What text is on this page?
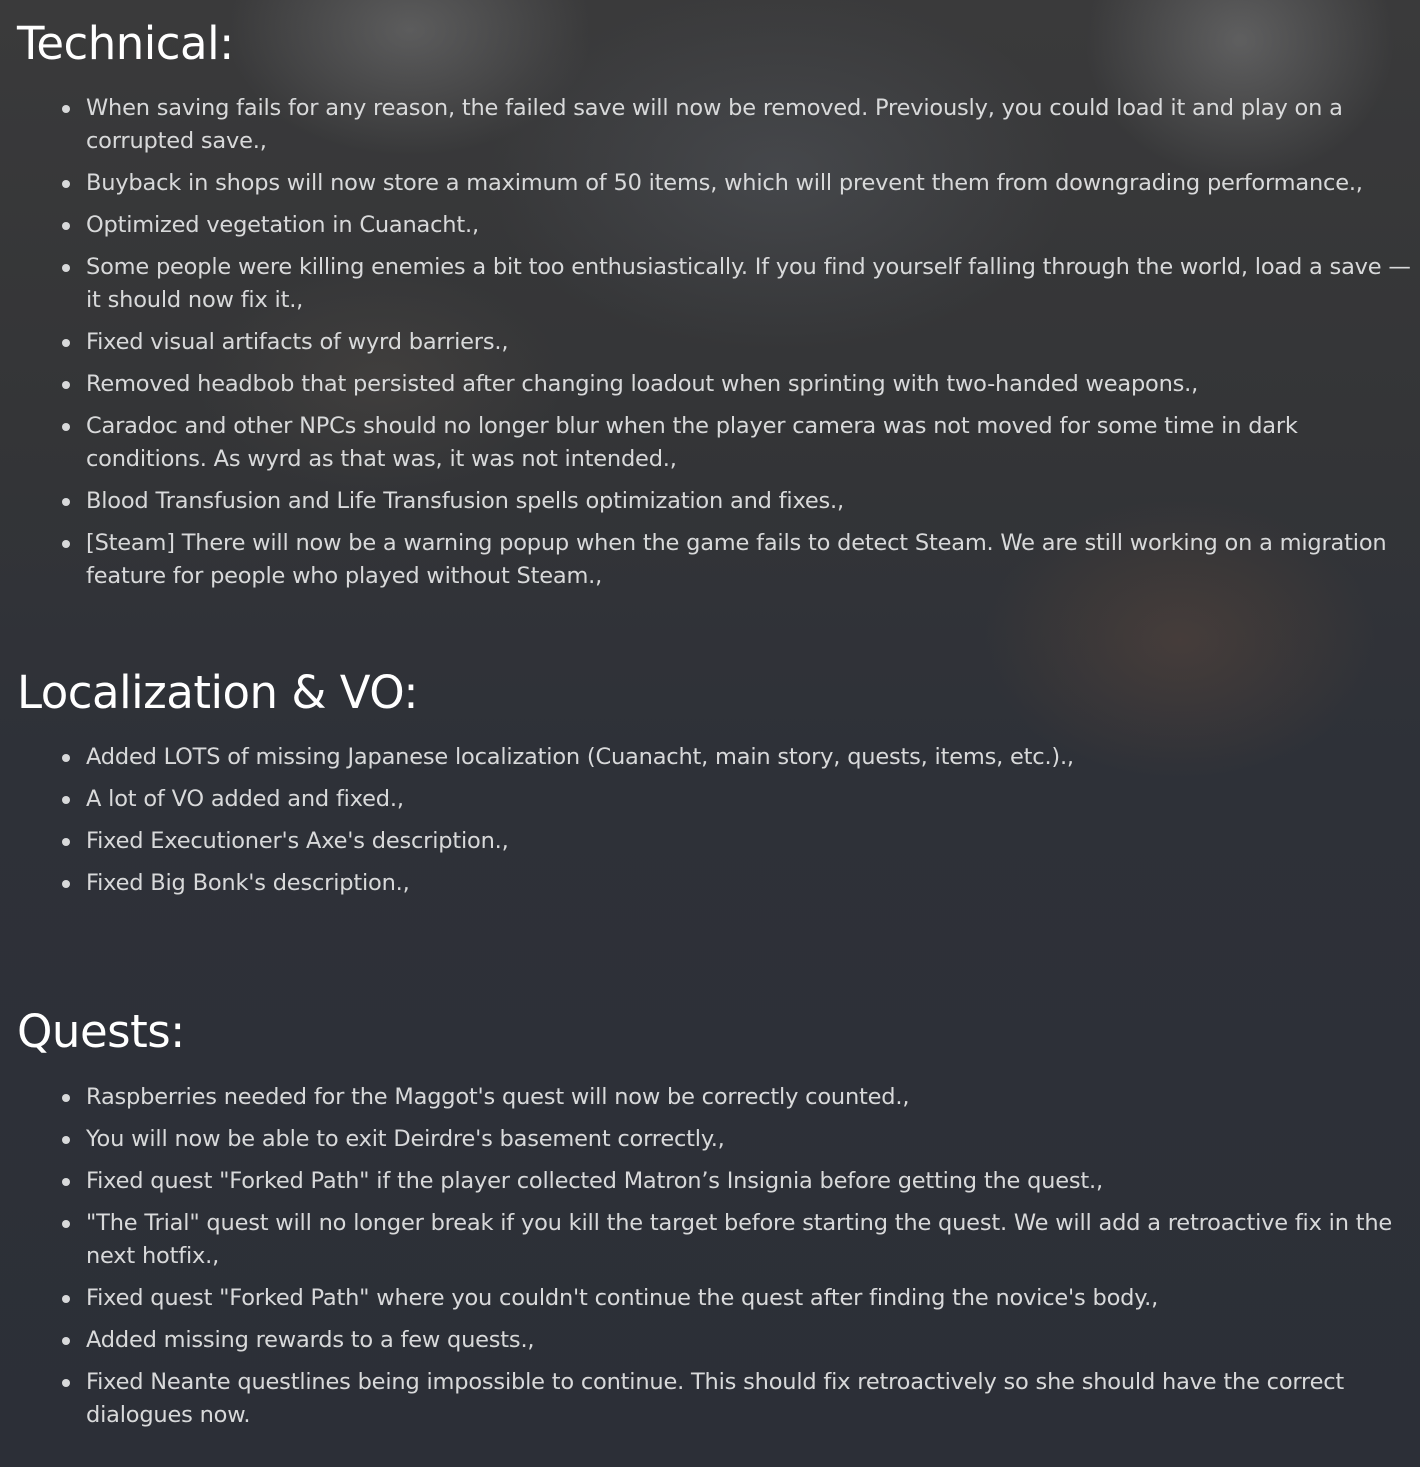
Technical:
When saving fails for any reason, the failed save will now be removed. Previously, you could load it and play on a corrupted save.,
Buyback in shops will now store a maximum of 50 items, which will prevent them from downgrading performance.,
Optimized vegetation in Cuanacht.,
Some people were killing enemies a bit too enthusiastically. If you find yourself falling through the world, load a save — it should now fix it.,
Fixed visual artifacts of wyrd barriers.,
Removed headbob that persisted after changing loadout when sprinting with two-handed weapons.,
Caradoc and other NPCs should no longer blur when the player camera was not moved for some time in dark conditions. As wyrd as that was, it was not intended.,
Blood Transfusion and Life Transfusion spells optimization and fixes.,
[Steam] There will now be a warning popup when the game fails to detect Steam. We are still working on a migration feature for people who played without Steam.,
Localization & VO:
Added LOTS of missing Japanese localization (Cuanacht, main story, quests, items, etc.).,
A lot of VO added and fixed.,
Fixed Executioner's Axe's description.,
Fixed Big Bonk's description.,
Quests:
Raspberries needed for the Maggot's quest will now be correctly counted.,
You will now be able to exit Deirdre's basement correctly.,
Fixed quest "Forked Path" if the player collected Matron’s Insignia before getting the quest.,
"The Trial" quest will no longer break if you kill the target before starting the quest. We will add a retroactive fix in the next hotfix.,
Fixed quest "Forked Path" where you couldn't continue the quest after finding the novice's body.,
Added missing rewards to a few quests.,
Fixed Neante questlines being impossible to continue. This should fix retroactively so she should have the correct dialogues now.
